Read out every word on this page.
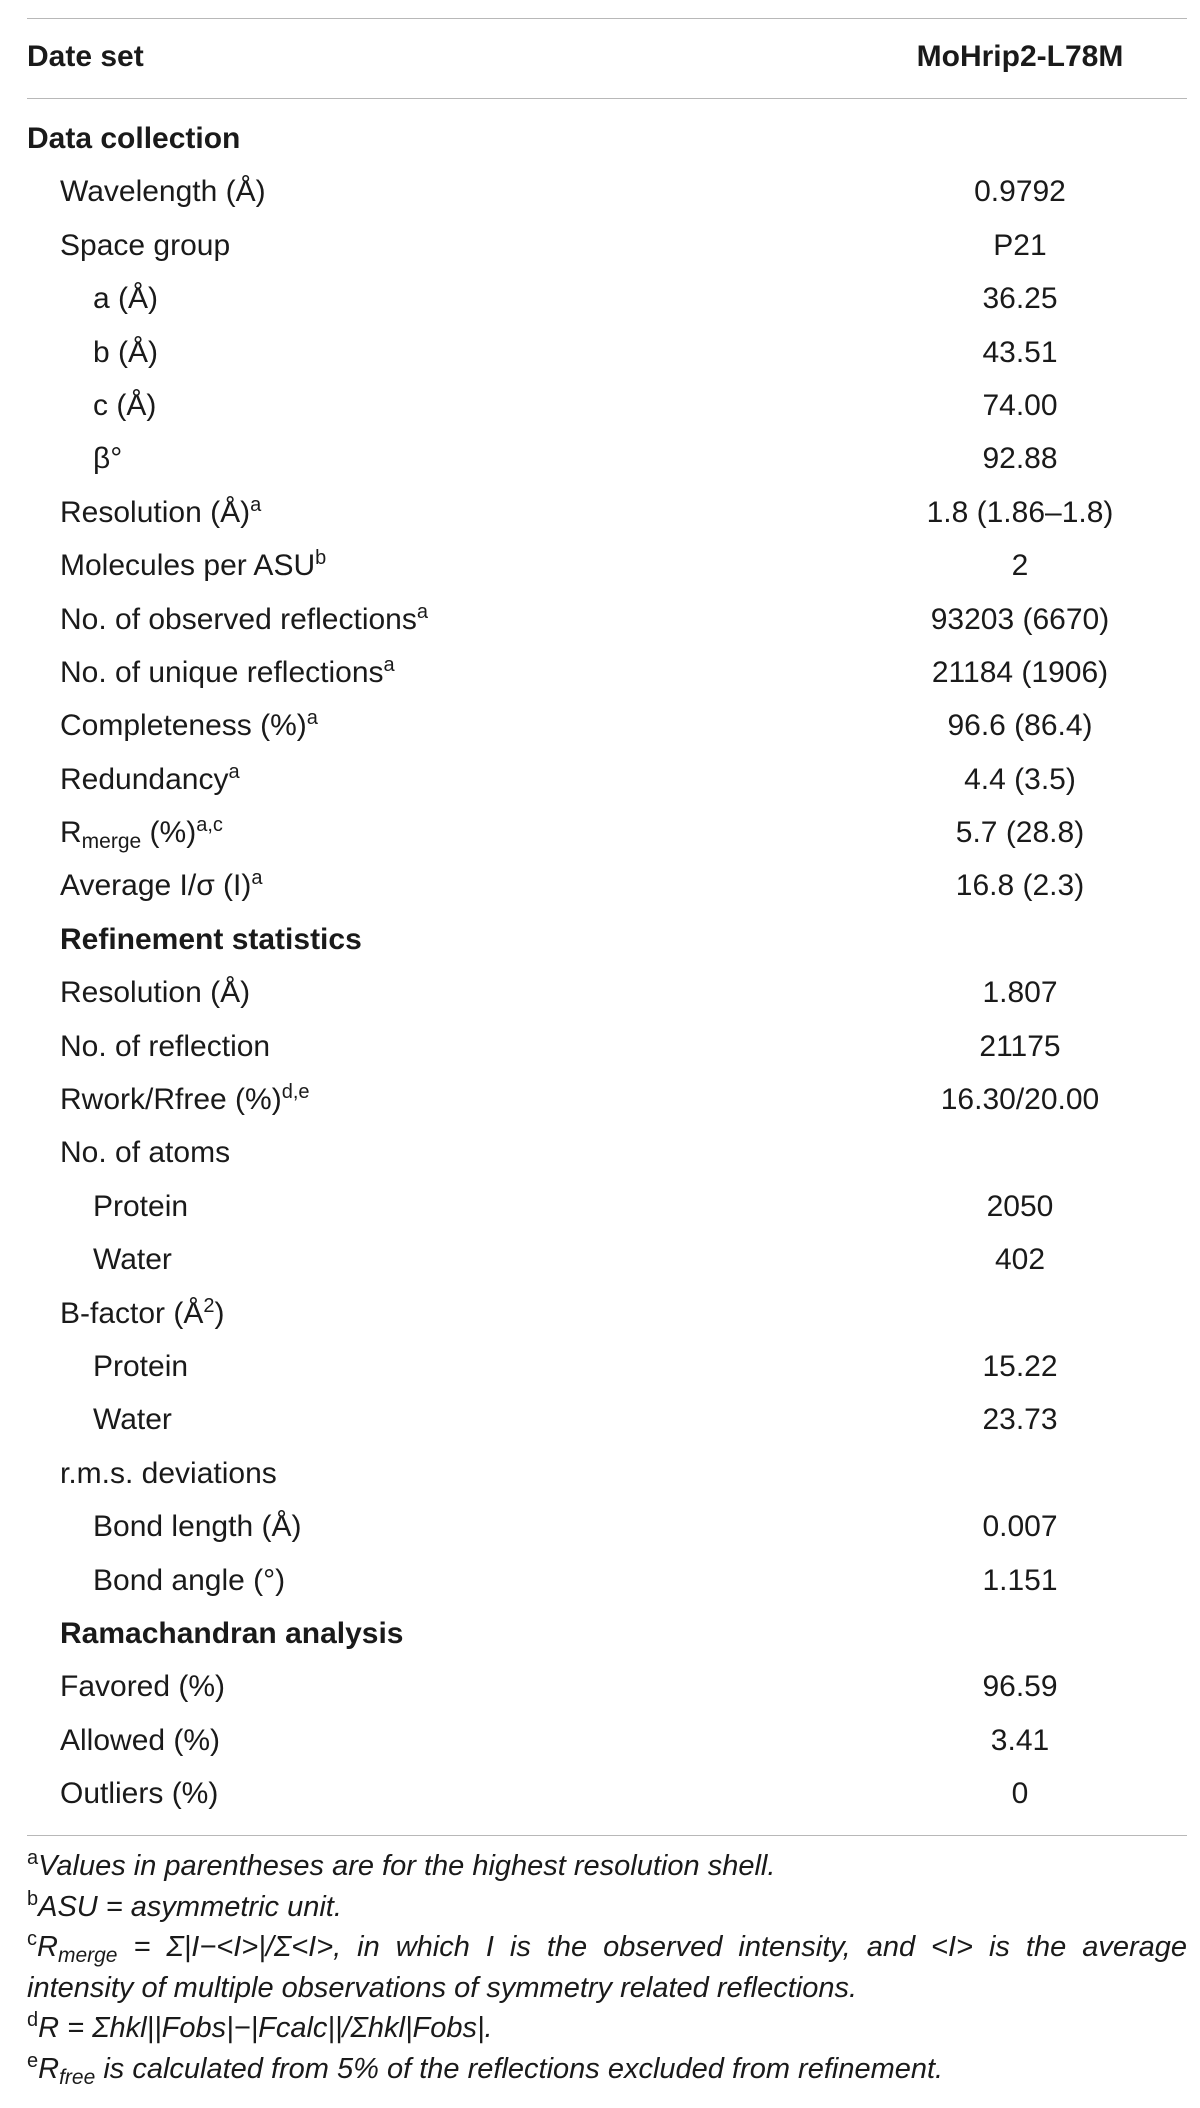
Date set	MoHrip2-L78M
Data collection
Wavelength (Å)	0.9792
Space group	P21
a (Å)	36.25
b (Å)	43.51
c (Å)	74.00
β°	92.88
Resolution (Å)$^a$	1.8 (1.86–1.8)
Molecules per ASU$^b$	2
No. of observed reflections$^a$	93203 (6670)
No. of unique reflections$^a$	21184 (1906)
Completeness (%)$^a$	96.6 (86.4)
Redundancy$^a$	4.4 (3.5)
$R_{merge}$ (%)$^{a,c}$	5.7 (28.8)
Average I/σ $(I)^a$	16.8 (2.3)
Refinement statistics
Resolution (Å)	1.807
No. of reflection	21175
Rwork/Rfree (%)$^{d,e}$	16.30/20.00
No. of atoms
Protein	2050
Water	402
B-factor $(Å^2)$
Protein	15.22
Water	23.73
r.m.s. deviations
Bond length (Å)	0.007
Bond angle (°)	1.151
Ramachandran analysis
Favored (%)	96.59
Allowed (%)	3.41
Outliers (%)	0
$^a$Values in parentheses are for the highest resolution shell.
$^b$ASU = asymmetric unit.
$^cR_{merge} = \Sigma|I-<I>|/\Sigma<I>$, in which I is the observed intensity, and <I> is the average intensity of multiple observations of symmetry related reflections.
$^d$R = Σhkl||Fobs|−|Fcalc||/Σhkl|Fobs|.
$^eR_{free}$ is calculated from 5% of the reflections excluded from refinement.
